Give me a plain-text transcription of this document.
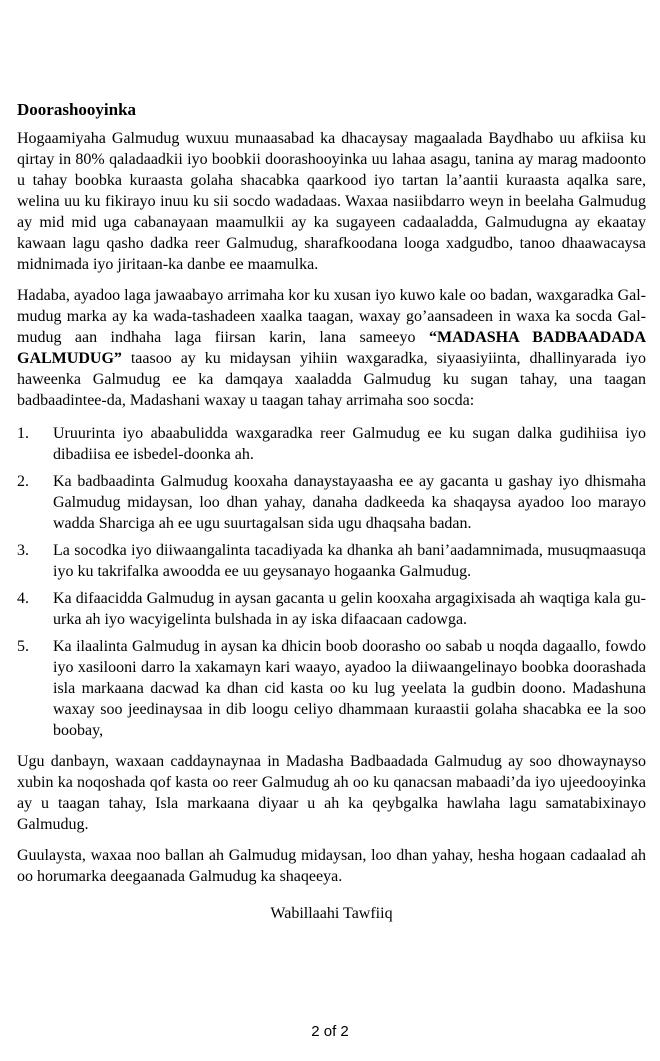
Doorashooyinka

Hogaamiyaha Galmudug wuxuu munaasabad ka dhacaysay magaalada Baydhabo uu afkiisa ku qirtay in 80% qaladaadkii iyo boobkii doorashooyinka uu lahaa asagu, tanina ay marag madoonto u tahay boobka kuraasta golaha shacabka qaarkood iyo tartan la’aantii kuraasta aqalka sare, welina uu ku fikirayo inuu ku sii socdo wadadaas. Waxaa nasiibdarro weyn in beelaha Galmudug ay mid mid uga cabanayaan maamulkii ay ka sugayeen cadaaladda, Galmudugna ay ekaatay kawaan lagu qasho dadka reer Galmudug, sharafkoodana looga xadgudbo, tanoo dhaawacaysa midnimada iyo jiritaan-ka danbe ee maamulka.

Hadaba, ayadoo laga jawaabayo arrimaha kor ku xusan iyo kuwo kale oo badan, waxgaradka Gal-mudug marka ay ka wada-tashadeen xaalka taagan, waxay go’aansadeen in waxa ka socda Gal-mudug aan indhaha laga fiirsan karin, lana sameeyo “MADASHA BADBAADADA GALMUDUG” taasoo ay ku midaysan yihiin waxgaradka, siyaasiyiinta, dhallinyarada iyo haweenka Galmudug ee ka damqaya xaaladda Galmudug ku sugan tahay, una taagan badbaadintee-da, Madashani waxay u taagan tahay arrimaha soo socda:

1.	Uruurinta iyo abaabulidda waxgaradka reer Galmudug ee ku sugan dalka gudihiisa iyo dibadiisa ee isbedel-doonka ah.
2.	Ka badbaadinta Galmudug kooxaha danaystayaasha ee ay gacanta u gashay iyo dhismaha Galmudug midaysan, loo dhan yahay, danaha dadkeeda ka shaqaysa ayadoo loo marayo wadda Sharciga ah ee ugu suurtagalsan sida ugu dhaqsaha badan.
3.	La socodka iyo diiwaangalinta tacadiyada ka dhanka ah bani’aadamnimada, musuqmaasuqa iyo ku takrifalka awoodda ee uu geysanayo hogaanka Galmudug.
4.	Ka difaacidda Galmudug in aysan gacanta u gelin kooxaha argagixisada ah waqtiga kala gu-urka ah iyo wacyigelinta bulshada in ay iska difaacaan cadowga.
5.	Ka ilaalinta Galmudug in aysan ka dhicin boob doorasho oo sabab u noqda dagaallo, fowdo iyo xasilooni darro la xakamayn kari waayo, ayadoo la diiwaangelinayo boobka doorashada isla markaana dacwad ka dhan cid kasta oo ku lug yeelata la gudbin doono. Madashuna waxay soo jeedinaysaa in dib loogu celiyo dhammaan kuraastii golaha shacabka ee la soo boobay,

Ugu danbayn, waxaan caddaynaynaa in Madasha Badbaadada Galmudug ay soo dhowaynayso xubin ka noqoshada qof kasta oo reer Galmudug ah oo ku qanacsan mabaadi’da iyo ujeedooyinka ay u taagan tahay, Isla markaana diyaar u ah ka qeybgalka hawlaha lagu samatabixinayo Galmudug.

Guulaysta, waxaa noo ballan ah Galmudug midaysan, loo dhan yahay, hesha hogaan cadaalad ah oo horumarka deegaanada Galmudug ka shaqeeya.

Wabillaahi Tawfiiq

2 of 2
